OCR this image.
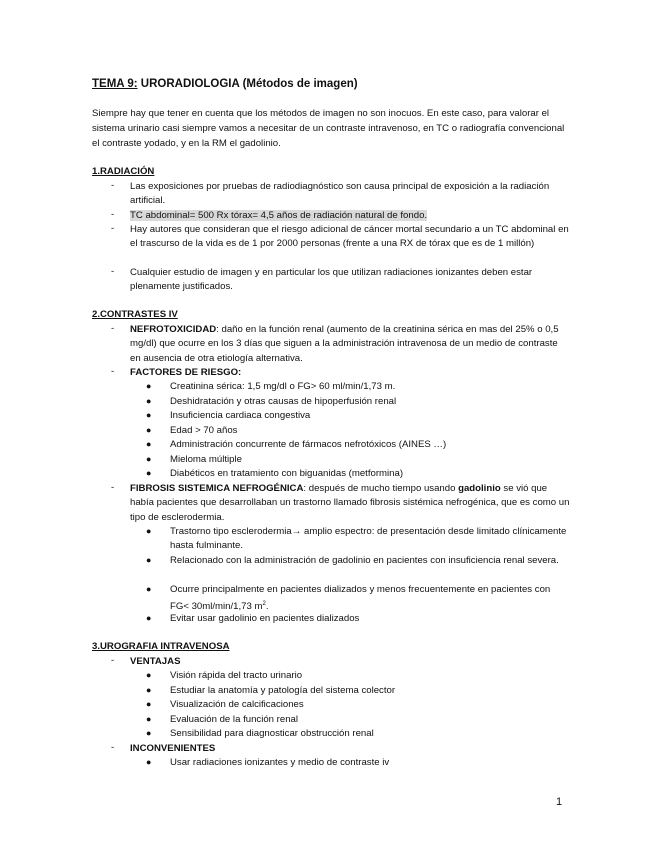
TEMA 9: URORADIOLOGIA (Métodos de imagen)
Siempre hay que tener en cuenta que los métodos de imagen no son inocuos. En este caso, para valorar el sistema urinario casi siempre vamos a necesitar de un contraste intravenoso, en TC o radiografía convencional el contraste yodado, y en la RM el gadolinio.
1.RADIACIÓN
- Las exposiciones por pruebas de radiodiagnóstico son causa principal de exposición a la radiación artificial.
- TC abdominal= 500 Rx tórax= 4,5 años de radiación natural de fondo.
- Hay autores que consideran que el riesgo adicional de cáncer mortal secundario a un TC abdominal en el trascurso de la vida es de 1 por 2000 personas (frente a una RX de tórax que es de 1 millón)
- Cualquier estudio de imagen y en particular los que utilizan radiaciones ionizantes deben estar plenamente justificados.
2.CONTRASTES IV
- NEFROTOXICIDAD: daño en la función renal (aumento de la creatinina sérica en mas del 25% o 0,5 mg/dl) que ocurre en los 3 días que siguen a la administración intravenosa de un medio de contraste en ausencia de otra etiología alternativa.
- FACTORES DE RIESGO:
● Creatinina sérica: 1,5 mg/dl o FG> 60 ml/min/1,73 m.
● Deshidratación y otras causas de hipoperfusión renal
● Insuficiencia cardiaca congestiva
● Edad > 70 años
● Administración concurrente de fármacos nefrotóxicos (AINES …)
● Mieloma múltiple
● Diabéticos en tratamiento con biguanidas (metformina)
- FIBROSIS SISTEMICA NEFROGÉNICA: después de mucho tiempo usando gadolinio se vió que había pacientes que desarrollaban un trastorno llamado fibrosis sistémica nefrogénica, que es como un tipo de esclerodermia.
● Trastorno tipo esclerodermia→ amplio espectro: de presentación desde limitado clínicamente hasta fulminante.
● Relacionado con la administración de gadolinio en pacientes con insuficiencia renal severa.
● Ocurre principalmente en pacientes dializados y menos frecuentemente en pacientes con FG< 30ml/min/1,73 $m^2$.
● Evitar usar gadolinio en pacientes dializados
3.UROGRAFIA INTRAVENOSA
- VENTAJAS
● Visión rápida del tracto urinario
● Estudiar la anatomía y patología del sistema colector
● Visualización de calcificaciones
● Evaluación de la función renal
● Sensibilidad para diagnosticar obstrucción renal
- INCONVENIENTES
● Usar radiaciones ionizantes y medio de contraste iv
1
